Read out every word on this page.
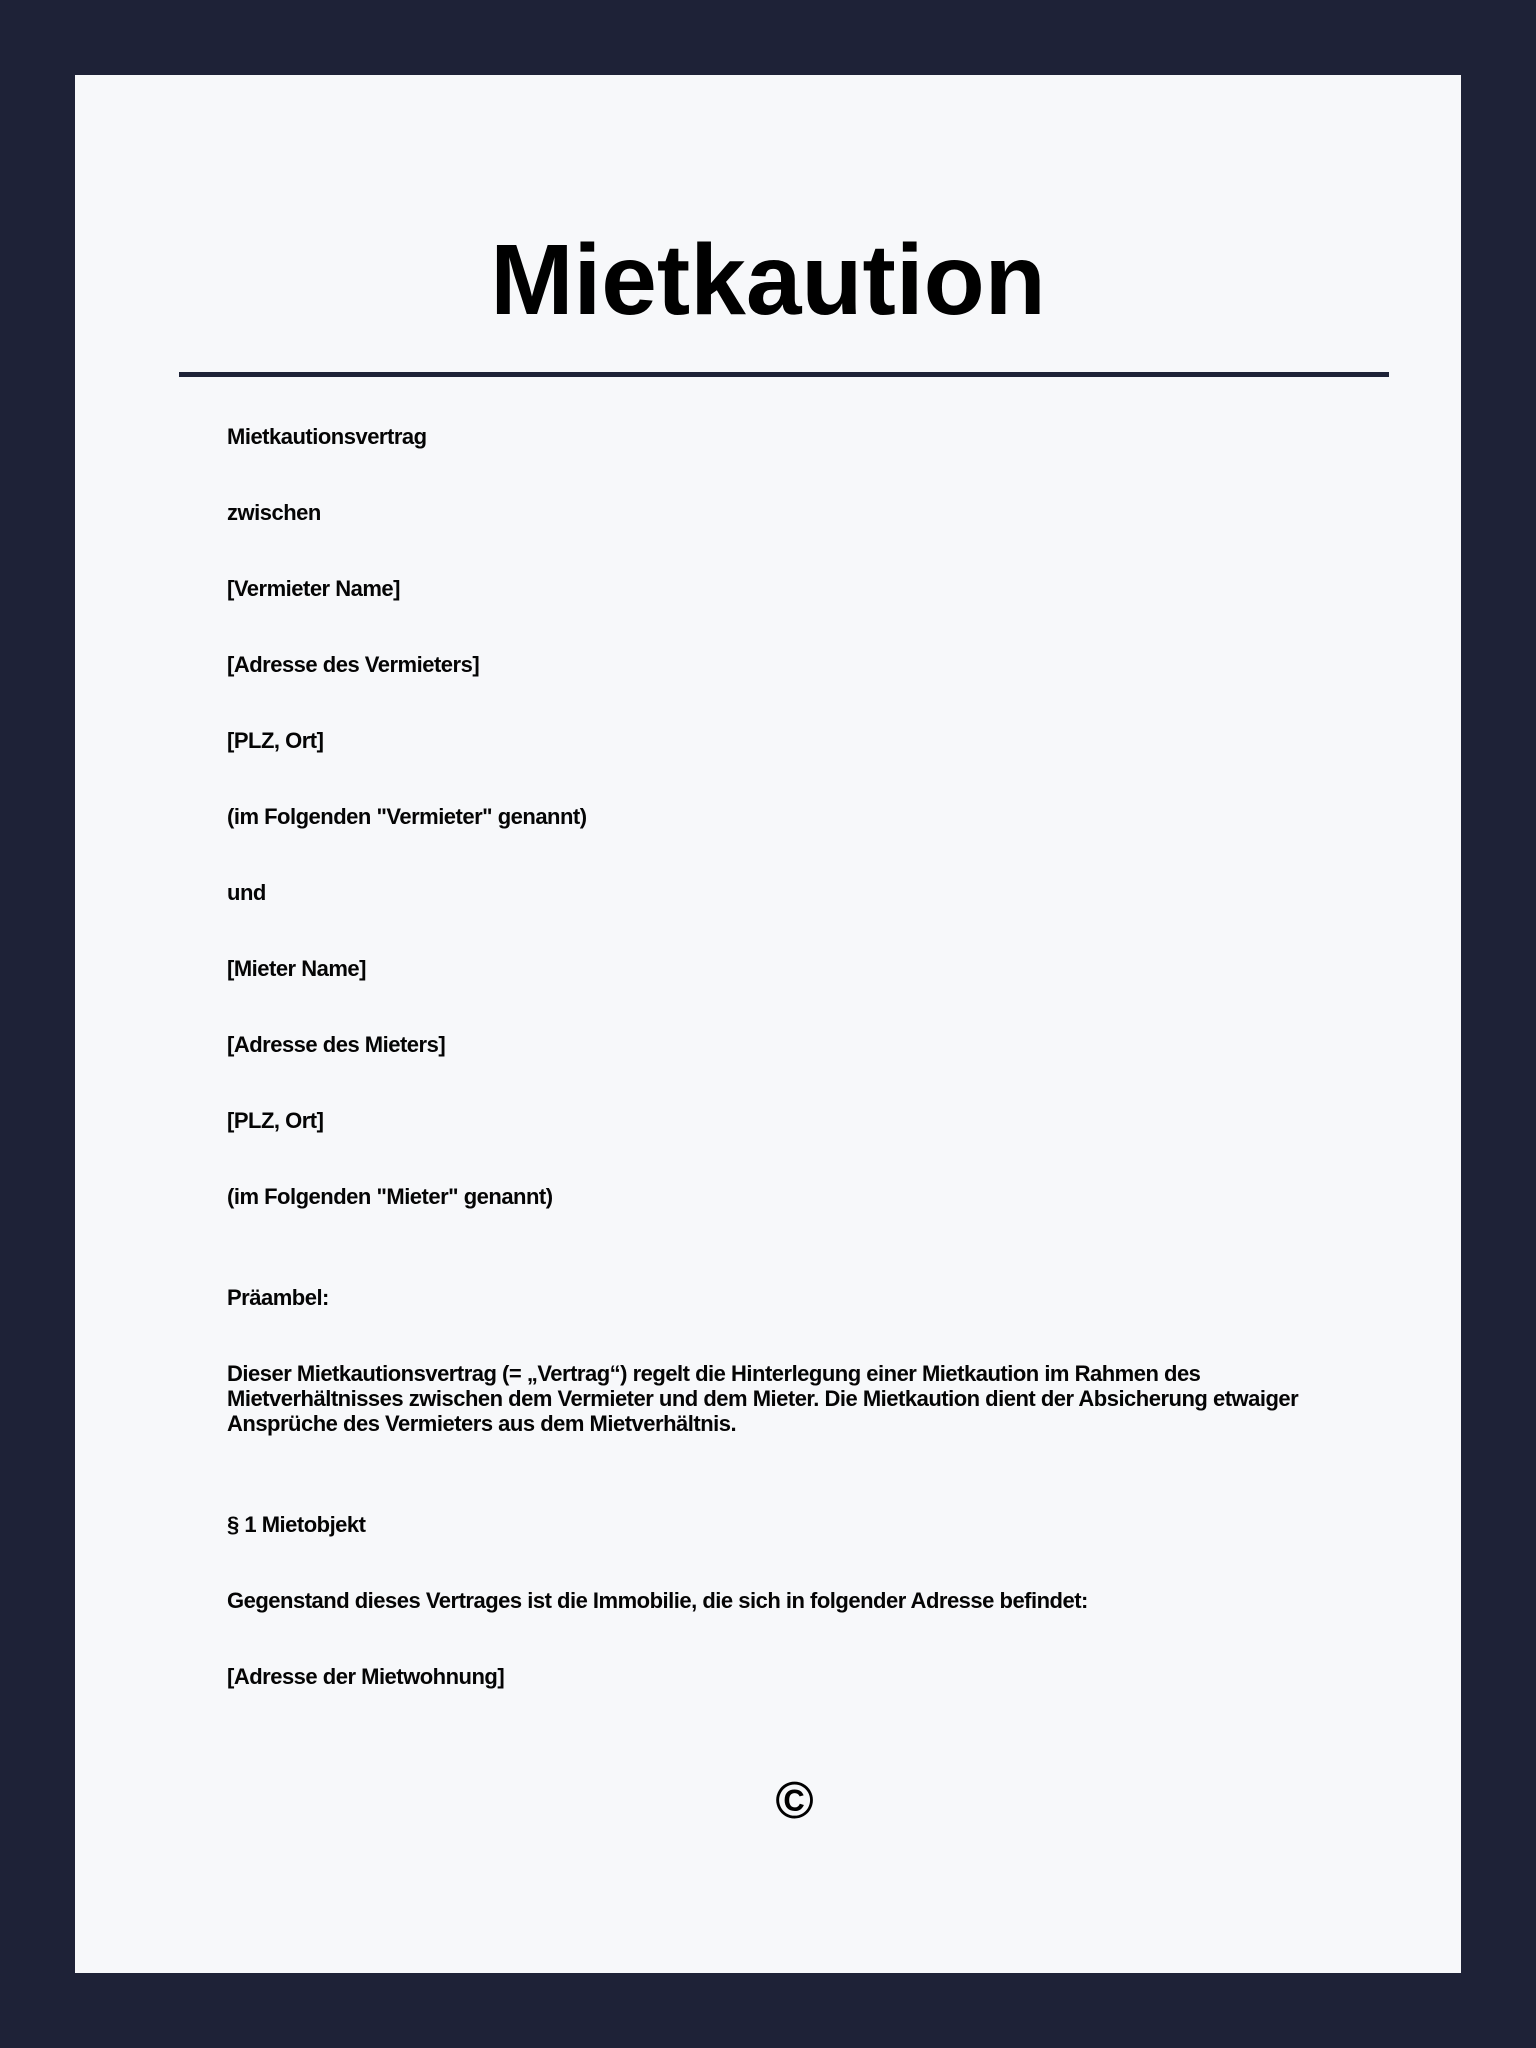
Mietkaution

Mietkautionsvertrag

zwischen

[Vermieter Name]

[Adresse des Vermieters]

[PLZ, Ort]

(im Folgenden "Vermieter" genannt)

und

[Mieter Name]

[Adresse des Mieters]

[PLZ, Ort]

(im Folgenden "Mieter" genannt)

Präambel:

Dieser Mietkautionsvertrag (= „Vertrag“) regelt die Hinterlegung einer Mietkaution im Rahmen des Mietverhältnisses zwischen dem Vermieter und dem Mieter. Die Mietkaution dient der Absicherung etwaiger Ansprüche des Vermieters aus dem Mietverhältnis.

§ 1 Mietobjekt

Gegenstand dieses Vertrages ist die Immobilie, die sich in folgender Adresse befindet:

[Adresse der Mietwohnung]

©
